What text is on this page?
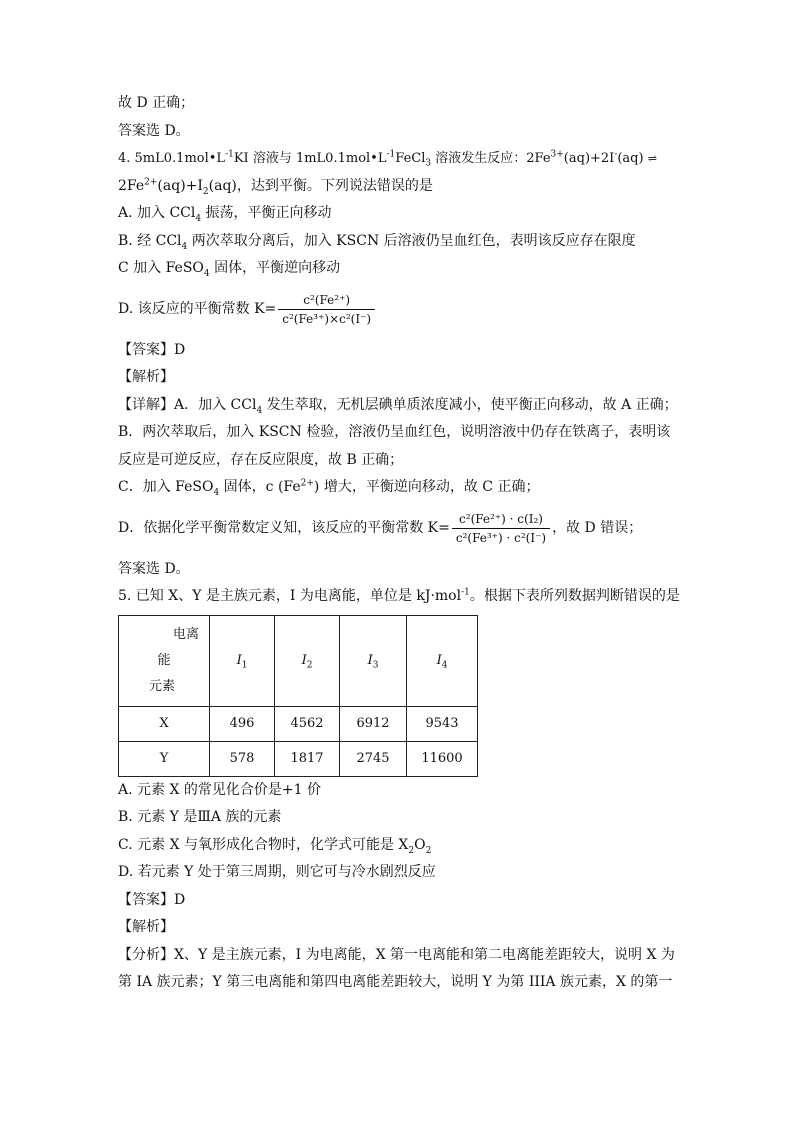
故 D 正确；
答案选 D。
4. $5mL0.1mol•L^{-1}KI$ 溶液与 $1mL0.1mol•L^{-1}FeCl_3$ 溶液发生反应：$2Fe^{3+}(aq)+2I^-(aq)$ ⇌
$2Fe^{2+}(aq)+I_2(aq)$，达到平衡。下列说法错误的是
A. 加入 CCl$_4$ 振荡，平衡正向移动
B. 经 CCl$_4$ 两次萃取分离后，加入 KSCN 后溶液仍呈血红色，表明该反应存在限度
C 加入 FeSO$_4$ 固体，平衡逆向移动
D. 该反应的平衡常数 $K= \frac{\text{c²(Fe²⁺)}}{\text{c²(Fe³⁺)×c²(I⁻)}}$
【答案】D
【解析】
【详解】A．加入 CCl$_4$ 发生萃取，无机层碘单质浓度减小，使平衡正向移动，故 A 正确；
B．两次萃取后，加入 KSCN 检验，溶液仍呈血红色，说明溶液中仍存在铁离子，表明该
反应是可逆反应，存在反应限度，故 B 正确；
C．加入 FeSO$_4$ 固体，c $(Fe^{2+})$ 增大，平衡逆向移动，故 C 正确；
D．依据化学平衡常数定义知，该反应的平衡常数 $K= \frac{\text{c²(Fe²⁺) · c(I₂)}}{\text{c²(Fe³⁺) · c²(I⁻)}}$ ，故 D 错误；
答案选 D。
5. 已知 X、Y 是主族元素，I 为电离能，单位是 kJ·mol$^{-1}$。根据下表所列数据判断错误的是
电离
能
元素	$I_1$	$I_2$	$I_3$	$I_4$
X	496	4562	6912	9543
Y	578	1817	2745	11600
A. 元素 X 的常见化合价是+1 价
B. 元素 Y 是ⅢA 族的元素
C. 元素 X 与氧形成化合物时，化学式可能是 $X_2O_2$
D. 若元素 Y 处于第三周期，则它可与冷水剧烈反应
【答案】D
【解析】
【分析】X、Y 是主族元素，I 为电离能，X 第一电离能和第二电离能差距较大，说明 X 为
第 IA 族元素；Y 第三电离能和第四电离能差距较大，说明 Y 为第 IIIA 族元素，X 的第一
